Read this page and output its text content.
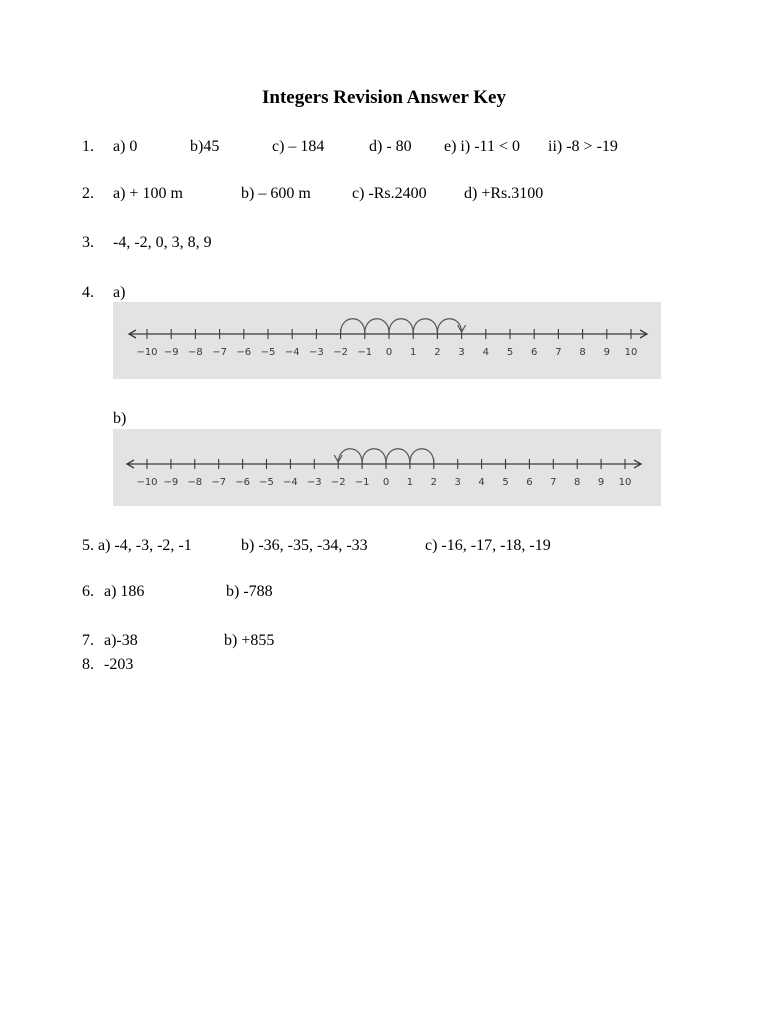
Integers Revision Answer Key
1. a) 0	b)45	c) – 184	d) - 80 e) i) -11 < 0 ii) -8 > -19
2. a) + 100 m	b) – 600 m	c) -Rs.2400 d) +Rs.3100
3. -4, -2, 0, 3, 8, 9
4. a)
−10 −9 −8 −7 −6 −5 −4 −3 −2 −1 0 1 2 3 4 5 6 7 8 9 10
b)
−10 −9 −8 −7 −6 −5 −4 −3 −2 −1 0 1 2 3 4 5 6 7 8 9 10
5. a) -4, -3, -2, -1	b) -36, -35, -34, -33	c) -16, -17, -18, -19
6. a) 186	b) -788
7. a)-38	b) +855
8. -203
